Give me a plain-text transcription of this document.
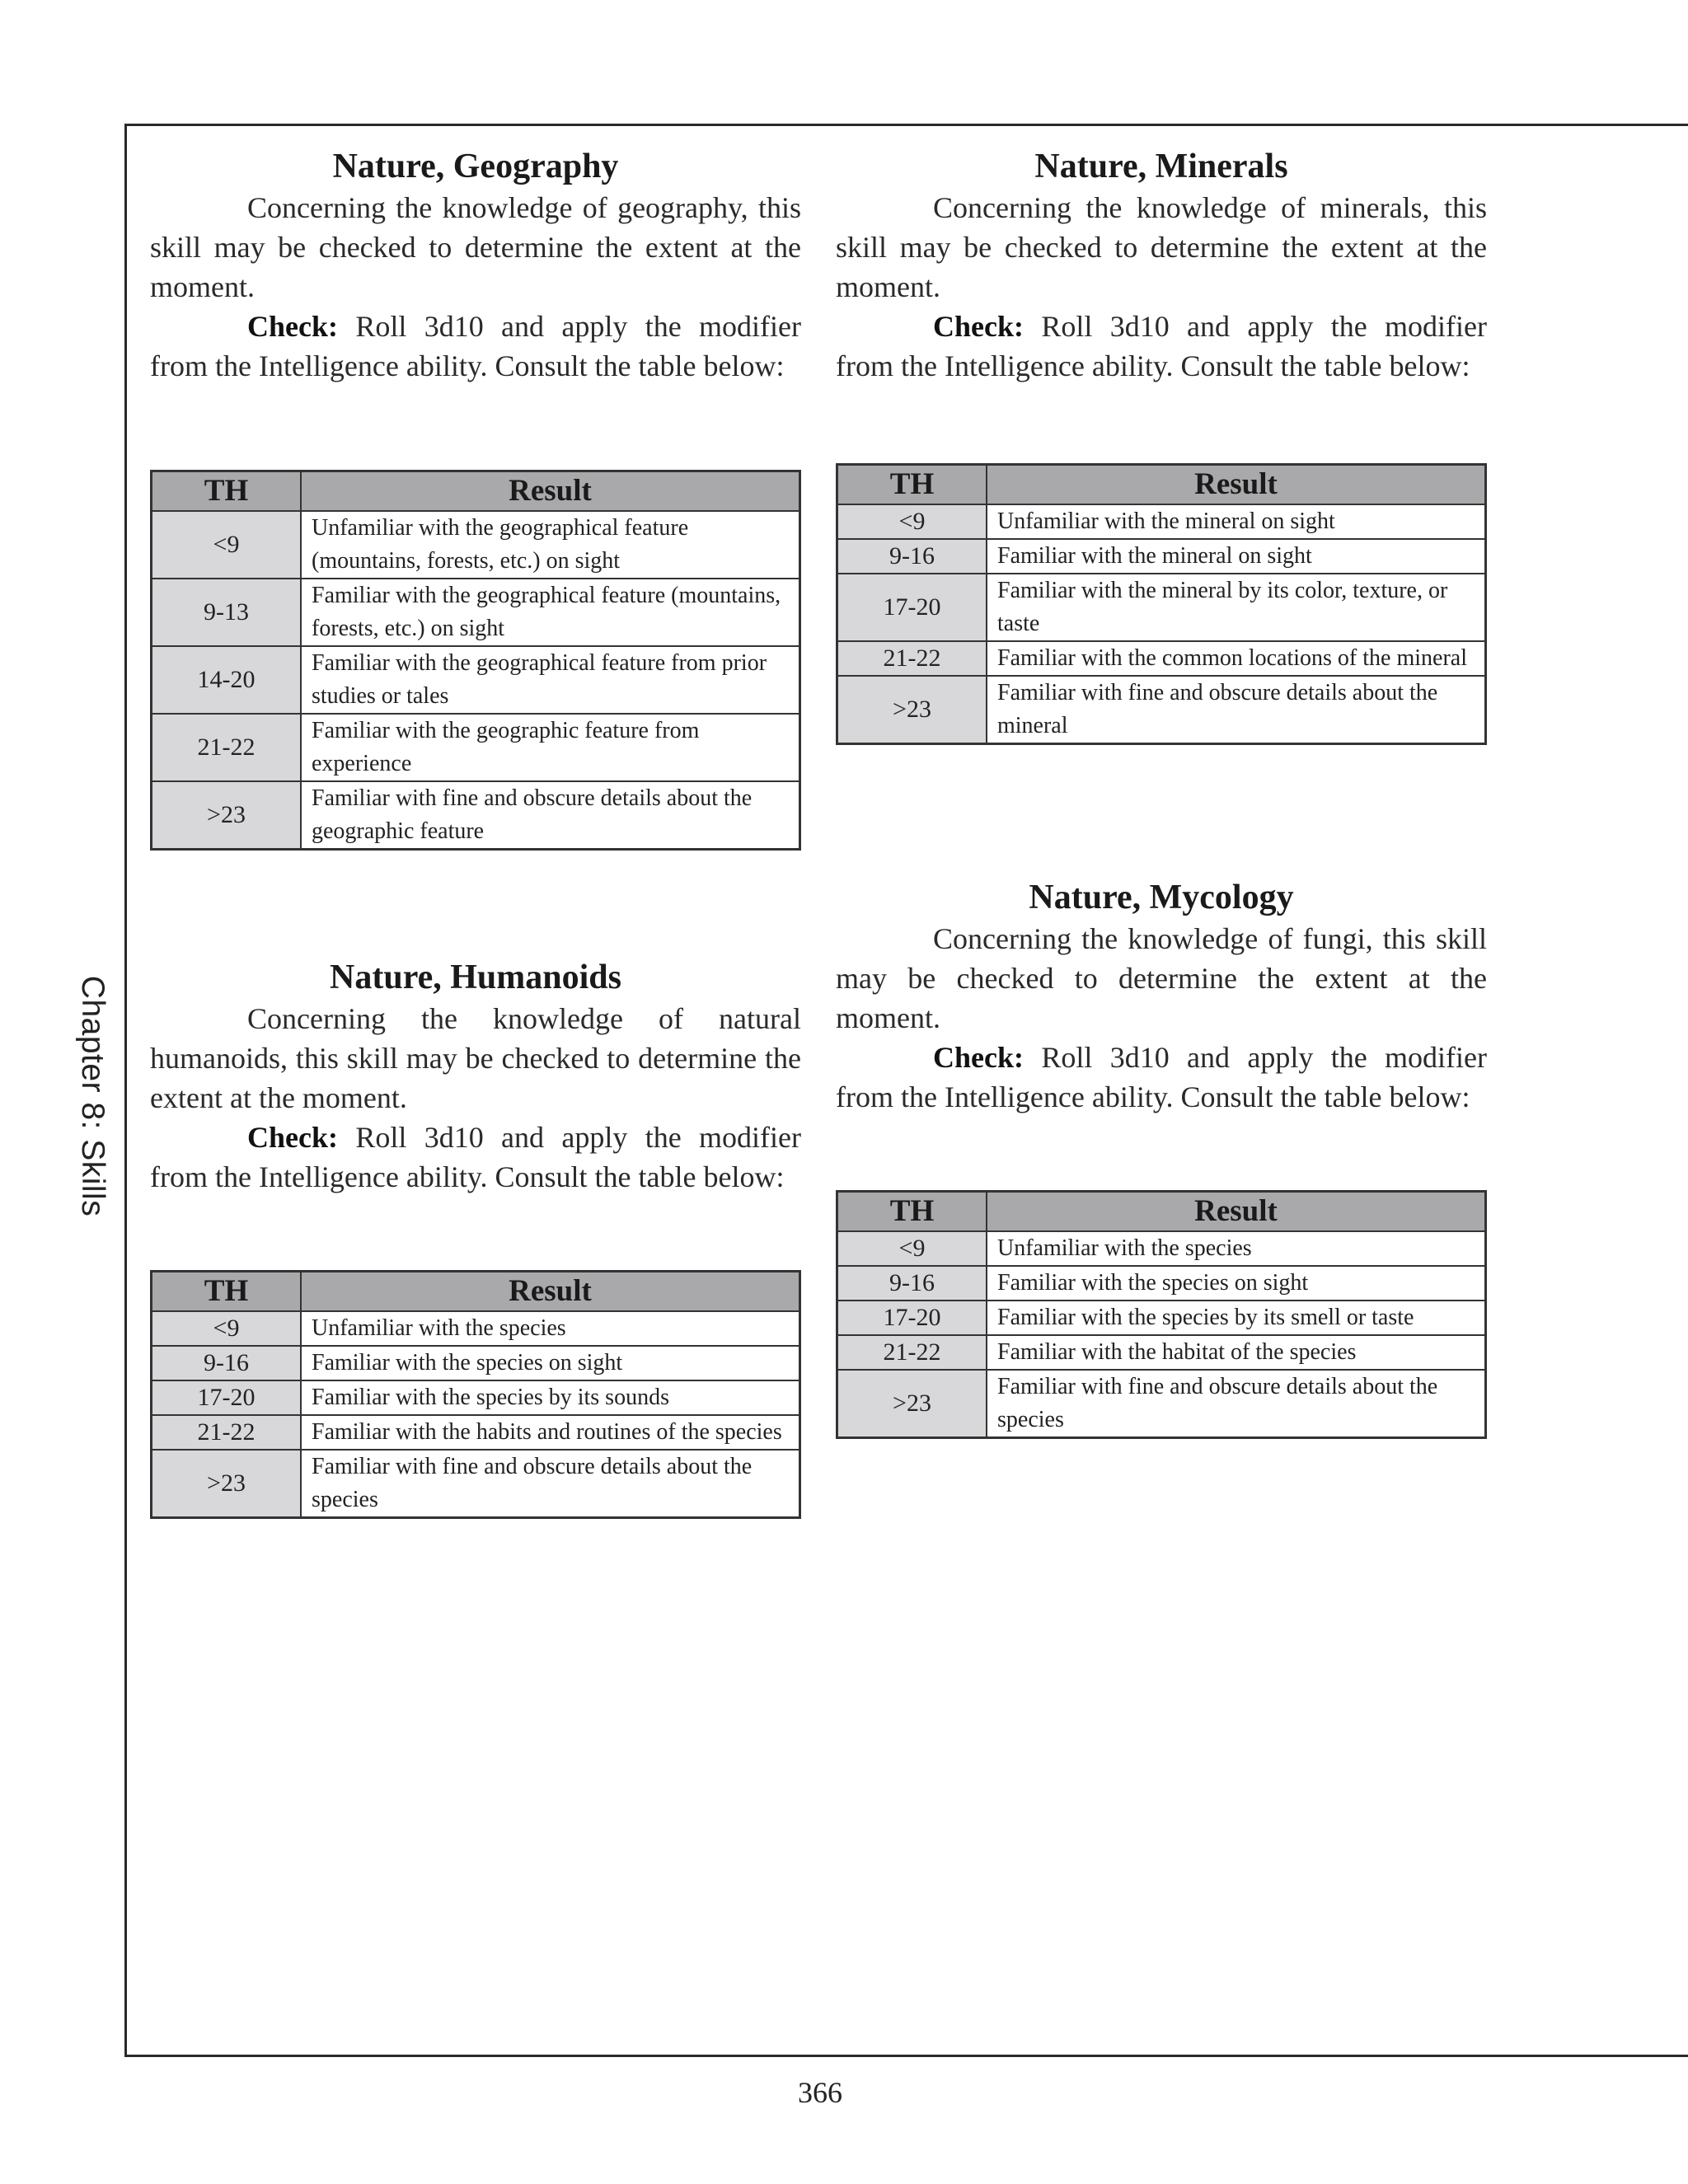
Chapter 8: Skills
Nature, Geography

Concerning the knowledge of geography, this skill may be checked to determine the extent at the moment.

Check: Roll 3d10 and apply the modifier from the Intelligence ability. Consult the table below:

TH	Result
<9	Unfamiliar with the geographical feature (mountains, forests, etc.) on sight
9-13	Familiar with the geographical feature (mountains, forests, etc.) on sight
14-20	Familiar with the geographical feature from prior studies or tales
21-22	Familiar with the geographic feature from experience
>23	Familiar with fine and obscure details about the geographic feature
Nature, Minerals

Concerning the knowledge of minerals, this skill may be checked to determine the extent at the moment.

Check: Roll 3d10 and apply the modifier from the Intelligence ability. Consult the table below:

TH	Result
<9	Unfamiliar with the mineral on sight
9-16	Familiar with the mineral on sight
17-20	Familiar with the mineral by its color, texture, or taste
21-22	Familiar with the common locations of the mineral
>23	Familiar with fine and obscure details about the mineral
Nature, Humanoids

Concerning the knowledge of natural humanoids, this skill may be checked to determine the extent at the moment.

Check: Roll 3d10 and apply the modifier from the Intelligence ability. Consult the table below:

TH	Result
<9	Unfamiliar with the species
9-16	Familiar with the species on sight
17-20	Familiar with the species by its sounds
21-22	Familiar with the habits and routines of the species
>23	Familiar with fine and obscure details about the species
Nature, Mycology

Concerning the knowledge of fungi, this skill may be checked to determine the extent at the moment.

Check: Roll 3d10 and apply the modifier from the Intelligence ability. Consult the table below:

TH	Result
<9	Unfamiliar with the species
9-16	Familiar with the species on sight
17-20	Familiar with the species by its smell or taste
21-22	Familiar with the habitat of the species
>23	Familiar with fine and obscure details about the species
366
